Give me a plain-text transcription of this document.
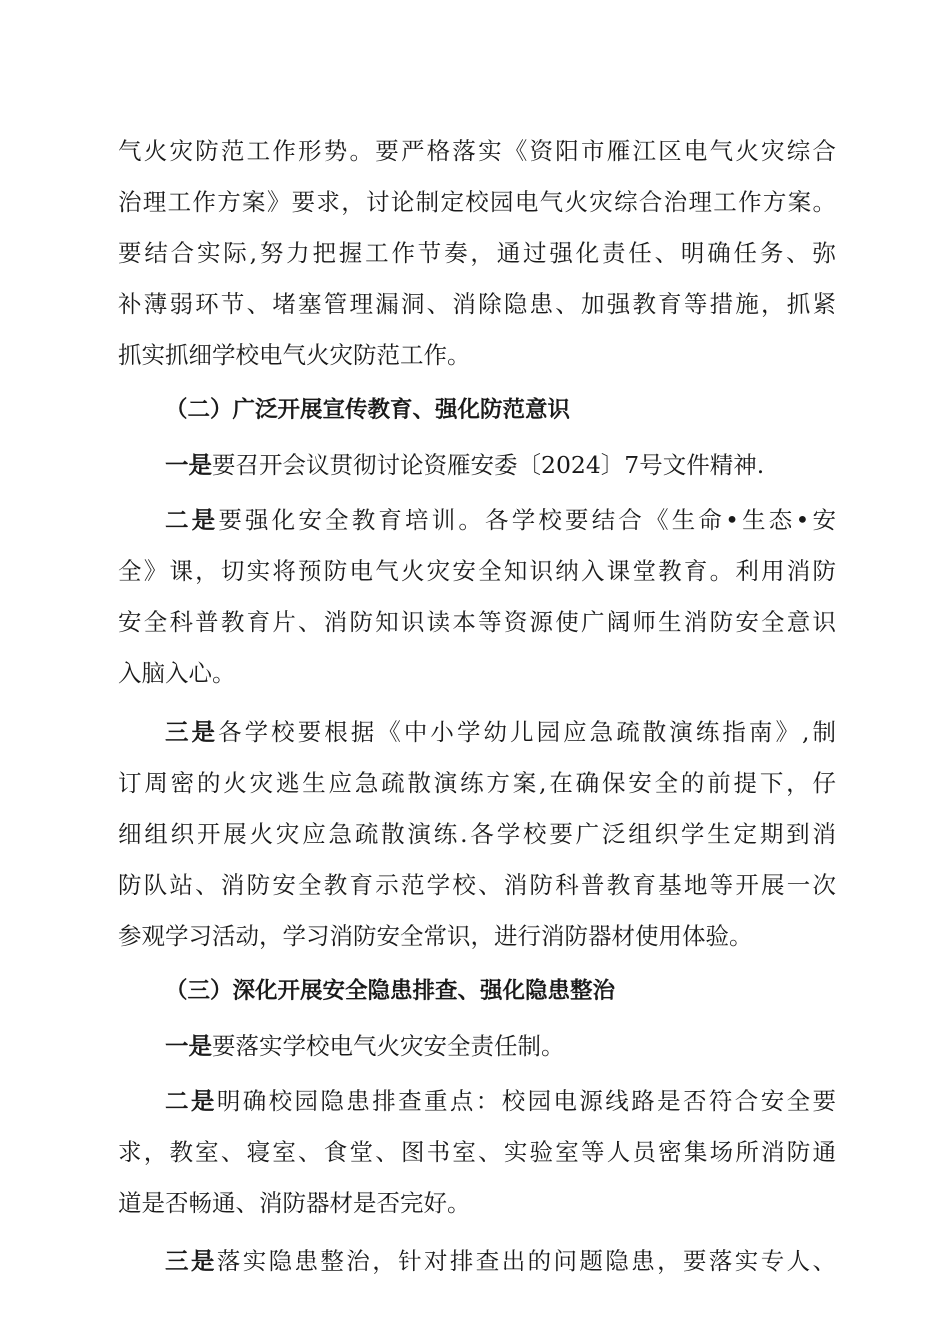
气火灾防范工作形势。要严格落实《资阳市雁江区电气火灾综合
治理工作方案》要求，讨论制定校园电气火灾综合治理工作方案。
要结合实际,努力把握工作节奏，通过强化责任、明确任务、弥
补薄弱环节、堵塞管理漏洞、消除隐患、加强教育等措施，抓紧
抓实抓细学校电气火灾防范工作。
（二）广泛开展宣传教育、强化防范意识
一是要召开会议贯彻讨论资雁安委〔2024〕7号文件精神.
二是要强化安全教育培训。各学校要结合《生命•生态•安
全》课，切实将预防电气火灾安全知识纳入课堂教育。利用消防
安全科普教育片、消防知识读本等资源使广阔师生消防安全意识
入脑入心。
三是各学校要根据《中小学幼儿园应急疏散演练指南》,制
订周密的火灾逃生应急疏散演练方案,在确保安全的前提下，仔
细组织开展火灾应急疏散演练.各学校要广泛组织学生定期到消
防队站、消防安全教育示范学校、消防科普教育基地等开展一次
参观学习活动，学习消防安全常识，进行消防器材使用体验。
（三）深化开展安全隐患排查、强化隐患整治
一是要落实学校电气火灾安全责任制。
二是明确校园隐患排查重点：校园电源线路是否符合安全要
求，教室、寝室、食堂、图书室、实验室等人员密集场所消防通
道是否畅通、消防器材是否完好。
三是落实隐患整治，针对排查出的问题隐患，要落实专人、
